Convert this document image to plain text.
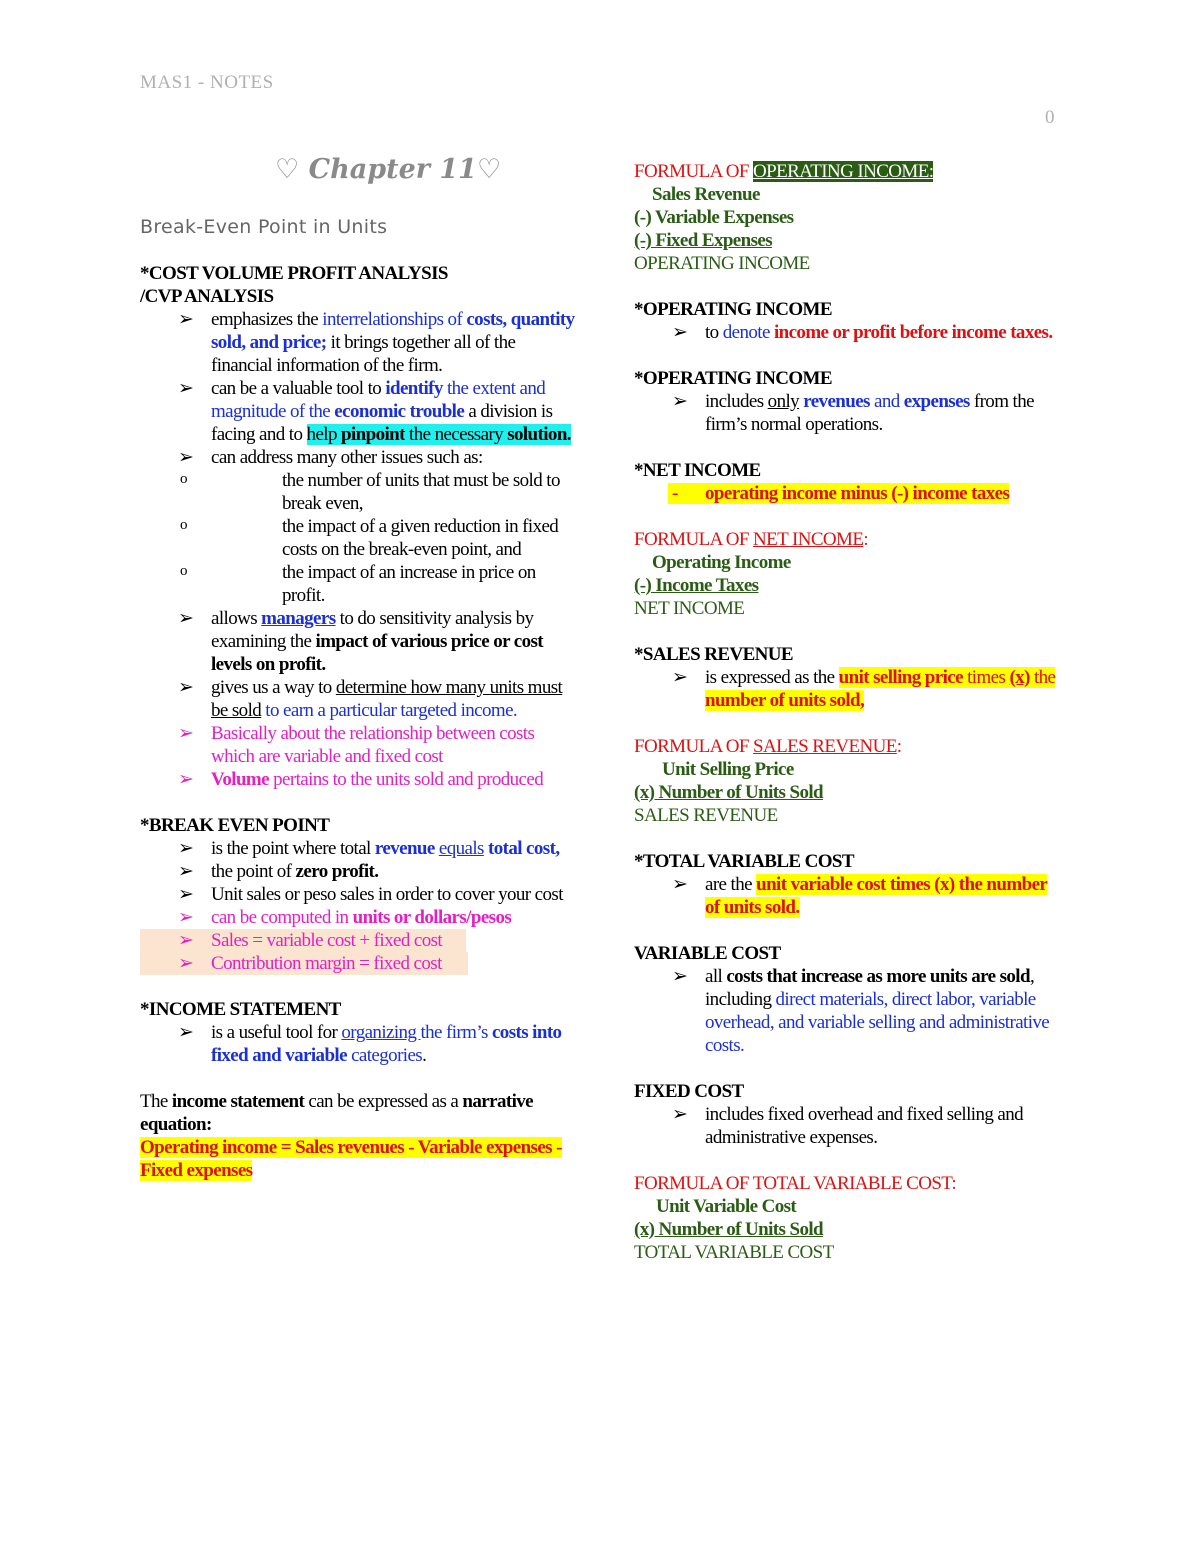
MAS1 - NOTES
0
♡ Chapter 11♡
Break-Even Point in Units
*COST VOLUME PROFIT ANALYSIS
/CVP ANALYSIS
➢ emphasizes the interrelationships of costs, quantity sold, and price; it brings together all of the financial information of the firm.
➢ can be a valuable tool to identify the extent and magnitude of the economic trouble a division is facing and to help pinpoint the necessary solution.
➢ can address many other issues such as:
o the number of units that must be sold to break even,
o the impact of a given reduction in fixed costs on the break-even point, and
o the impact of an increase in price on profit.
➢ allows managers to do sensitivity analysis by examining the impact of various price or cost levels on profit.
➢ gives us a way to determine how many units must be sold to earn a particular targeted income.
➢ Basically about the relationship between costs which are variable and fixed cost
➢ Volume pertains to the units sold and produced
*BREAK EVEN POINT
➢ is the point where total revenue equals total cost,
➢ the point of zero profit.
➢ Unit sales or peso sales in order to cover your cost
➢ can be computed in units or dollars/pesos
➢ Sales = variable cost + fixed cost
➢ Contribution margin = fixed cost
*INCOME STATEMENT
➢ is a useful tool for organizing the firm’s costs into fixed and variable categories.
The income statement can be expressed as a narrative equation:
Operating income = Sales revenues - Variable expenses - Fixed expenses
FORMULA OF OPERATING INCOME:
Sales Revenue
(-) Variable Expenses
(-) Fixed Expenses
OPERATING INCOME
*OPERATING INCOME
➢ to denote income or profit before income taxes.
*OPERATING INCOME
➢ includes only revenues and expenses from the firm’s normal operations.
*NET INCOME
- operating income minus (-) income taxes
FORMULA OF NET INCOME:
Operating Income
(-) Income Taxes
NET INCOME
*SALES REVENUE
➢ is expressed as the unit selling price times (x) the number of units sold,
FORMULA OF SALES REVENUE:
Unit Selling Price
(x) Number of Units Sold
SALES REVENUE
*TOTAL VARIABLE COST
➢ are the unit variable cost times (x) the number of units sold.
VARIABLE COST
➢ all costs that increase as more units are sold, including direct materials, direct labor, variable overhead, and variable selling and administrative costs.
FIXED COST
➢ includes fixed overhead and fixed selling and administrative expenses.
FORMULA OF TOTAL VARIABLE COST:
Unit Variable Cost
(x) Number of Units Sold
TOTAL VARIABLE COST
